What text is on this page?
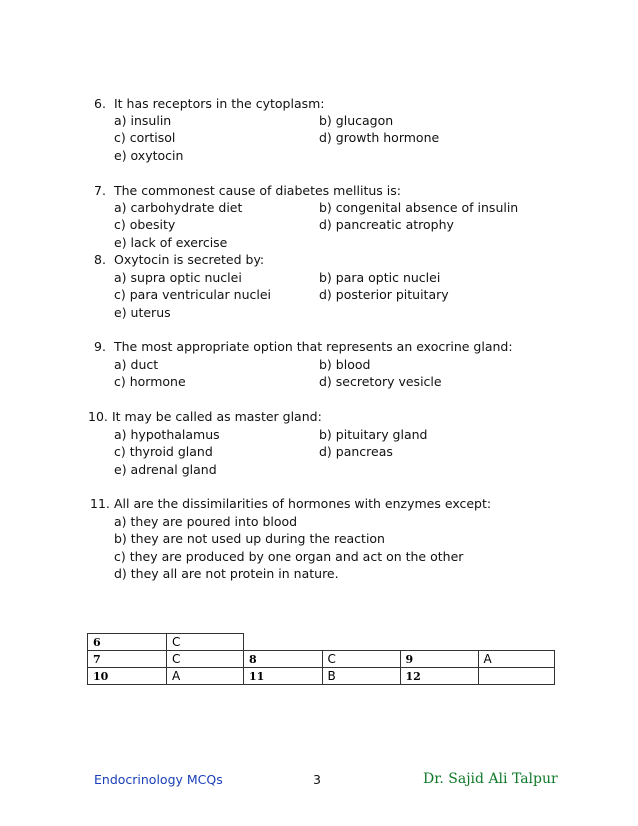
6. It has receptors in the cytoplasm:
a) insulin	b) glucagon
c) cortisol	d) growth hormone
e) oxytocin
7. The commonest cause of diabetes mellitus is:
a) carbohydrate diet	b) congenital absence of insulin
c) obesity	d) pancreatic atrophy
e) lack of exercise
8. Oxytocin is secreted by:
a) supra optic nuclei	b) para optic nuclei
c) para ventricular nuclei	d) posterior pituitary
e) uterus
9. The most appropriate option that represents an exocrine gland:
a) duct	b) blood
c) hormone	d) secretory vesicle
10. It may be called as master gland:
a) hypothalamus	b) pituitary gland
c) thyroid gland	d) pancreas
e) adrenal gland
11. All are the dissimilarities of hormones with enzymes except:
a) they are poured into blood
b) they are not used up during the reaction
c) they are produced by one organ and act on the other
d) they all are not protein in nature.
6	C				
7	C	8	C	9	A
10	A	11	B	12	
Endocrinology MCQs	3	Dr. Sajid Ali Talpur
